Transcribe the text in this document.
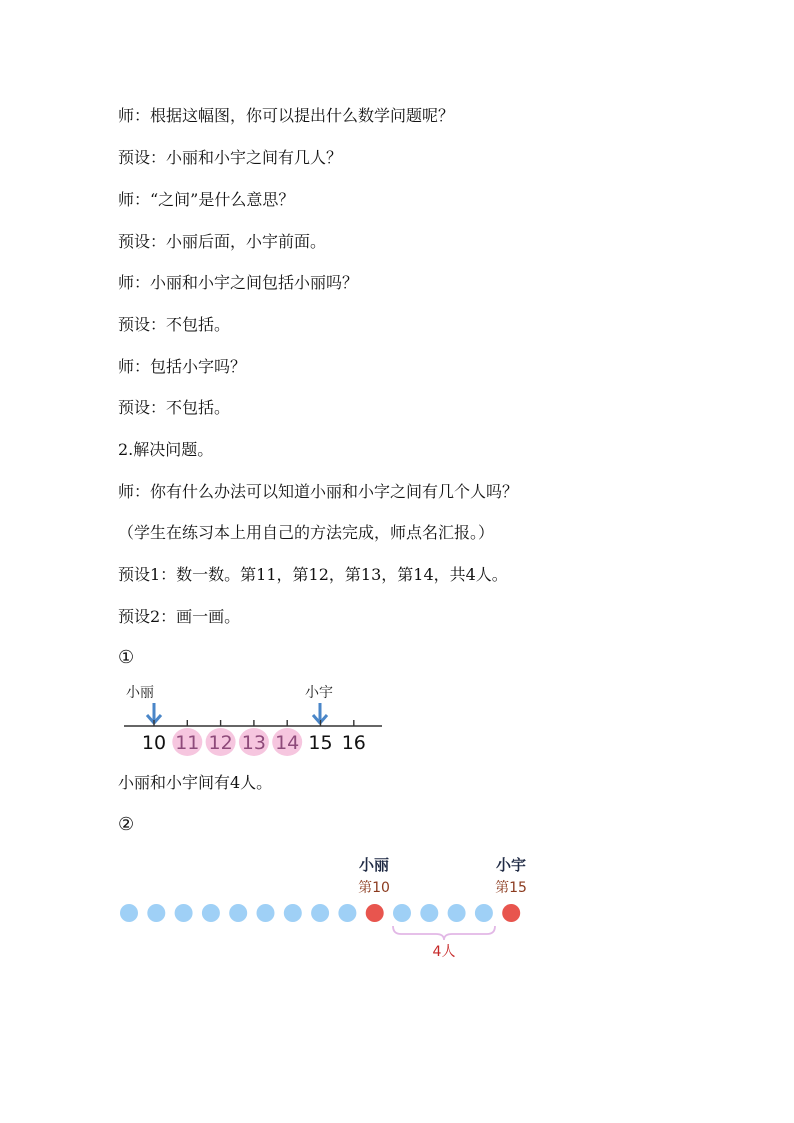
师：根据这幅图，你可以提出什么数学问题呢？
预设：小丽和小宇之间有几人？
师：“之间”是什么意思？
预设：小丽后面，小宇前面。
师：小丽和小宇之间包括小丽吗？
预设：不包括。
师：包括小字吗？
预设：不包括。
2.解决问题。
师：你有什么办法可以知道小丽和小字之间有几个人吗？
（学生在练习本上用自己的方法完成，师点名汇报。）
预设1：数一数。第11，第12，第13，第14，共4人。
预设2：画一画。
①
小丽	小宇
10 11 12 13 14 15 16
小丽和小宇间有4人。
②
小丽
第10
小宇
第15
4人
